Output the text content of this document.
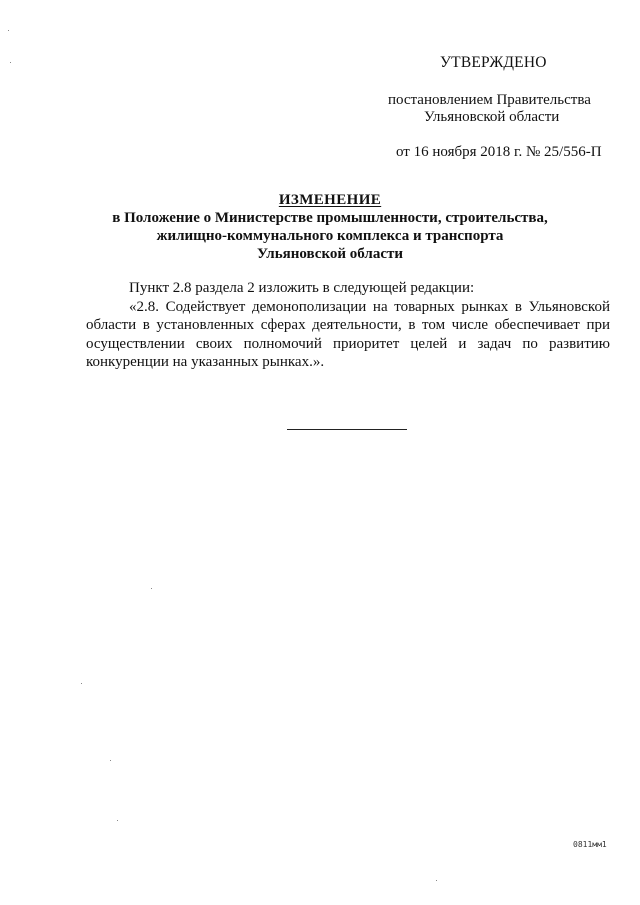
УТВЕРЖДЕНО
постановлением Правительства
Ульяновской области
от 16 ноября 2018 г. № 25/556-П
ИЗМЕНЕНИЕ
в Положение о Министерстве промышленности, строительства,
жилищно-коммунального комплекса и транспорта
Ульяновской области

Пункт 2.8 раздела 2 изложить в следующей редакции:

«2.8. Содействует демонополизации на товарных рынках в Ульяновской области в установленных сферах деятельности, в том числе обеспечивает при осуществлении своих полномочий приоритет целей и задач по развитию конкуренции на указанных рынках.».

0811мм1
